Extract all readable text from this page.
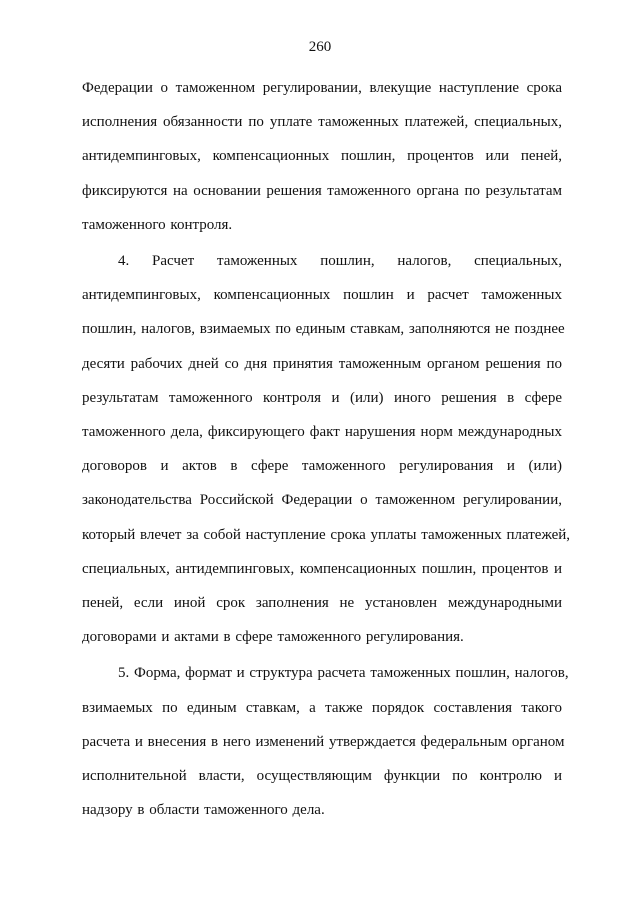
260
Федерации о таможенном регулировании, влекущие наступление срока
исполнения обязанности по уплате таможенных платежей, специальных,
антидемпинговых, компенсационных пошлин, процентов или пеней,
фиксируются на основании решения таможенного органа по результатам
таможенного контроля.
4. Расчет таможенных пошлин, налогов, специальных,
антидемпинговых, компенсационных пошлин и расчет таможенных
пошлин, налогов, взимаемых по единым ставкам, заполняются не позднее
десяти рабочих дней со дня принятия таможенным органом решения по
результатам таможенного контроля и (или) иного решения в сфере
таможенного дела, фиксирующего факт нарушения норм международных
договоров и актов в сфере таможенного регулирования и (или)
законодательства Российской Федерации о таможенном регулировании,
который влечет за собой наступление срока уплаты таможенных платежей,
специальных, антидемпинговых, компенсационных пошлин, процентов и
пеней, если иной срок заполнения не установлен международными
договорами и актами в сфере таможенного регулирования.
5. Форма, формат и структура расчета таможенных пошлин, налогов,
взимаемых по единым ставкам, а также порядок составления такого
расчета и внесения в него изменений утверждается федеральным органом
исполнительной власти, осуществляющим функции по контролю и
надзору в области таможенного дела.
